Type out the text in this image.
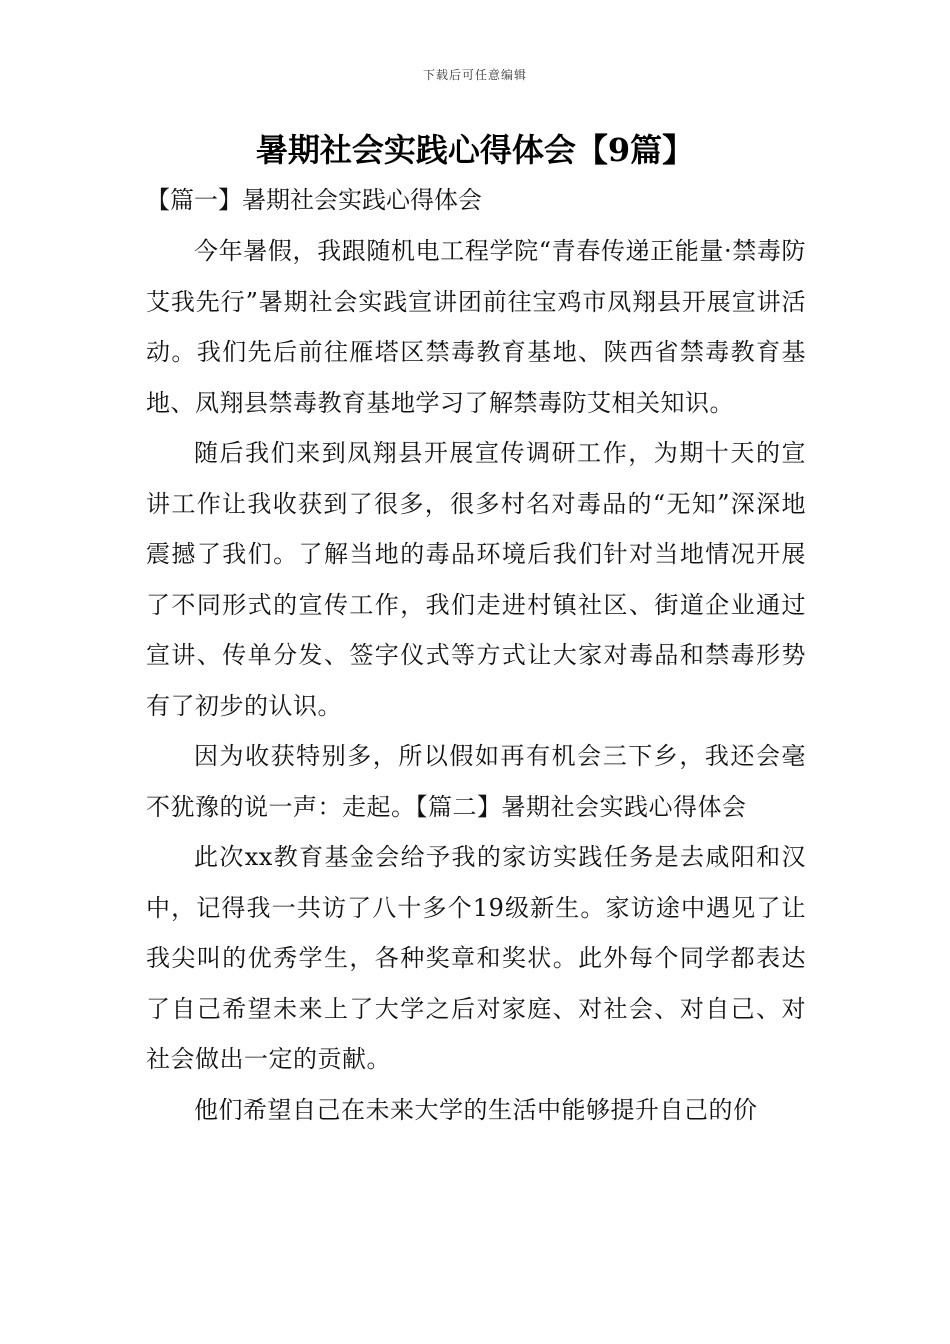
下载后可任意编辑
暑期社会实践心得体会【9篇】
【篇一】暑期社会实践心得体会

今年暑假，我跟随机电工程学院“青春传递正能量·禁毒防艾我先行”暑期社会实践宣讲团前往宝鸡市凤翔县开展宣讲活动。我们先后前往雁塔区禁毒教育基地、陕西省禁毒教育基地、凤翔县禁毒教育基地学习了解禁毒防艾相关知识。

随后我们来到凤翔县开展宣传调研工作，为期十天的宣讲工作让我收获到了很多，很多村名对毒品的“无知”深深地震撼了我们。了解当地的毒品环境后我们针对当地情况开展了不同形式的宣传工作，我们走进村镇社区、街道企业通过宣讲、传单分发、签字仪式等方式让大家对毒品和禁毒形势有了初步的认识。

因为收获特别多，所以假如再有机会三下乡，我还会毫不犹豫的说一声：走起。【篇二】暑期社会实践心得体会

此次xx教育基金会给予我的家访实践任务是去咸阳和汉中，记得我一共访了八十多个19级新生。家访途中遇见了让我尖叫的优秀学生，各种奖章和奖状。此外每个同学都表达了自己希望未来上了大学之后对家庭、对社会、对自己、对社会做出一定的贡献。

他们希望自己在未来大学的生活中能够提升自己的价
